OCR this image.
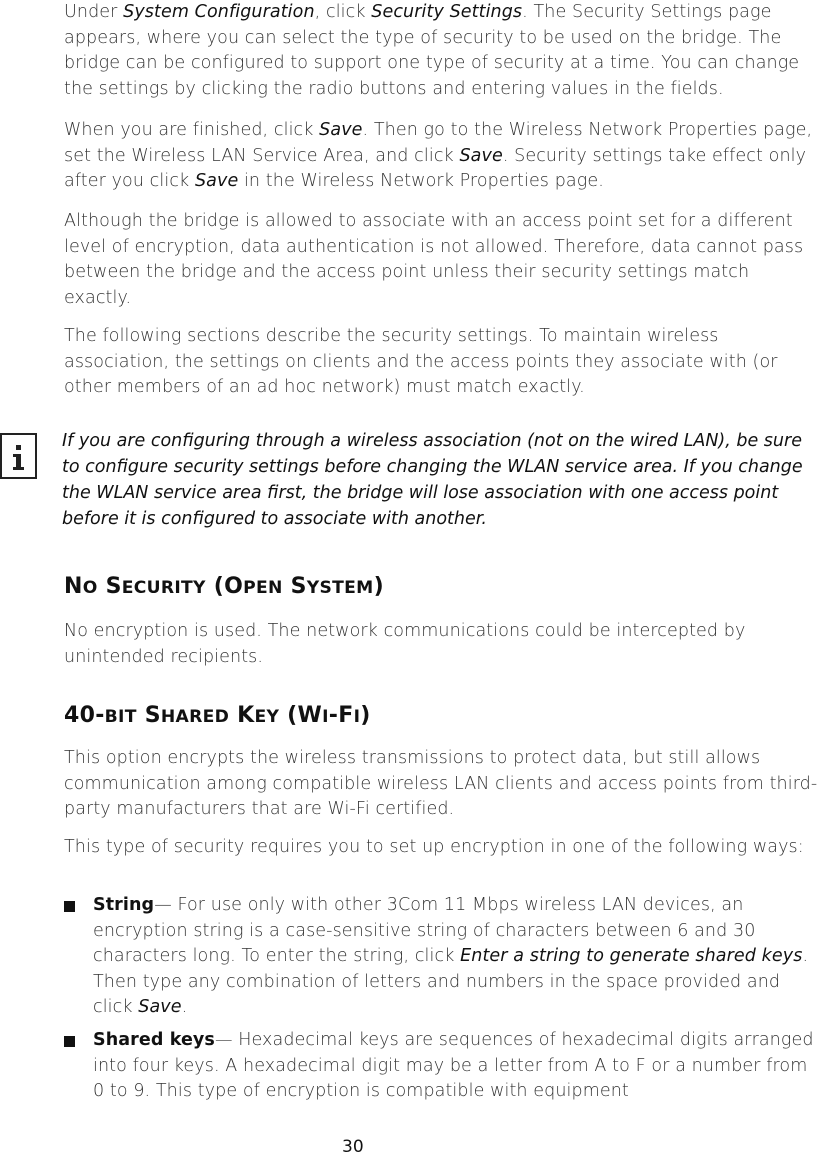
Under System Configuration, click Security Settings. The Security Settings page appears, where you can select the type of security to be used on the bridge. The bridge can be configured to support one type of security at a time. You can change the settings by clicking the radio buttons and entering values in the fields.

When you are finished, click Save. Then go to the Wireless Network Properties page, set the Wireless LAN Service Area, and click Save. Security settings take effect only after you click Save in the Wireless Network Properties page.

Although the bridge is allowed to associate with an access point set for a different level of encryption, data authentication is not allowed. Therefore, data cannot pass between the bridge and the access point unless their security settings match exactly.

The following sections describe the security settings. To maintain wireless association, the settings on clients and the access points they associate with (or other members of an ad hoc network) must match exactly.

If you are configuring through a wireless association (not on the wired LAN), be sure to configure security settings before changing the WLAN service area. If you change the WLAN service area first, the bridge will lose association with one access point before it is configured to associate with another.

NO SECURITY (OPEN SYSTEM)

No encryption is used. The network communications could be intercepted by unintended recipients.

40-BIT SHARED KEY (WI-FI)

This option encrypts the wireless transmissions to protect data, but still allows communication among compatible wireless LAN clients and access points from third-party manufacturers that are Wi-Fi certified.

This type of security requires you to set up encryption in one of the following ways:

String— For use only with other 3Com 11 Mbps wireless LAN devices, an encryption string is a case-sensitive string of characters between 6 and 30 characters long. To enter the string, click Enter a string to generate shared keys. Then type any combination of letters and numbers in the space provided and click Save.

Shared keys— Hexadecimal keys are sequences of hexadecimal digits arranged into four keys. A hexadecimal digit may be a letter from A to F or a number from 0 to 9. This type of encryption is compatible with equipment

30
